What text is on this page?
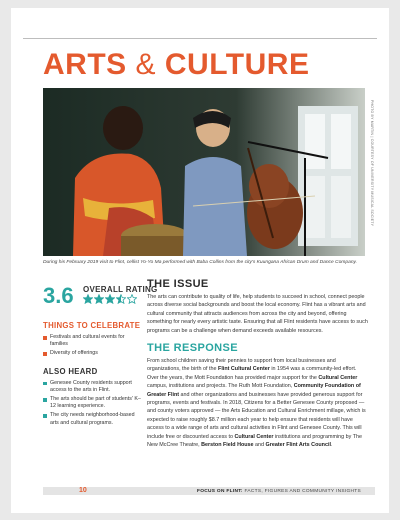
ARTS & CULTURE
PHOTO BY MARTIN | COURTESY OF UNIVERSITY MUSICAL SOCIETY
During his February 2019 visit to Flint, cellist Yo-Yo Ma performed with Baba Collins from the city's Kuungana African Drum and Dance Company.
3.6 OVERALL RATING
THINGS TO CELEBRATE
Festivals and cultural events for families
Diversity of offerings
ALSO HEARD
Genesee County residents support access to the arts in Flint.
The arts should be part of students' K–12 learning experience.
The city needs neighborhood-based arts and cultural programs.
THE ISSUE

The arts can contribute to quality of life, help students to succeed in school, connect people across diverse social backgrounds and boost the local economy. Flint has a vibrant arts and cultural community that attracts audiences from across the city and beyond, offering something for nearly every artistic taste. Ensuring that all Flint residents have access to such programs can be a challenge when demand exceeds available resources.

THE RESPONSE

From school children saving their pennies to support from local businesses and organizations, the birth of the Flint Cultural Center in 1954 was a community-led effort. Over the years, the Mott Foundation has provided major support for the Cultural Center campus, institutions and projects. The Ruth Mott Foundation, Community Foundation of Greater Flint and other organizations and businesses have provided generous support for programs, events and festivals. In 2018, Citizens for a Better Genesee County proposed — and county voters approved — the Arts Education and Cultural Enrichment millage, which is expected to raise roughly $8.7 million each year to help ensure that residents will have access to a wide range of arts and cultural activities in Flint and Genesee County. This will include free or discounted access to Cultural Center institutions and programming by The New McCree Theatre, Berston Field House and Greater Flint Arts Council.

10	FOCUS ON FLINT: FACTS, FIGURES AND COMMUNITY INSIGHTS
